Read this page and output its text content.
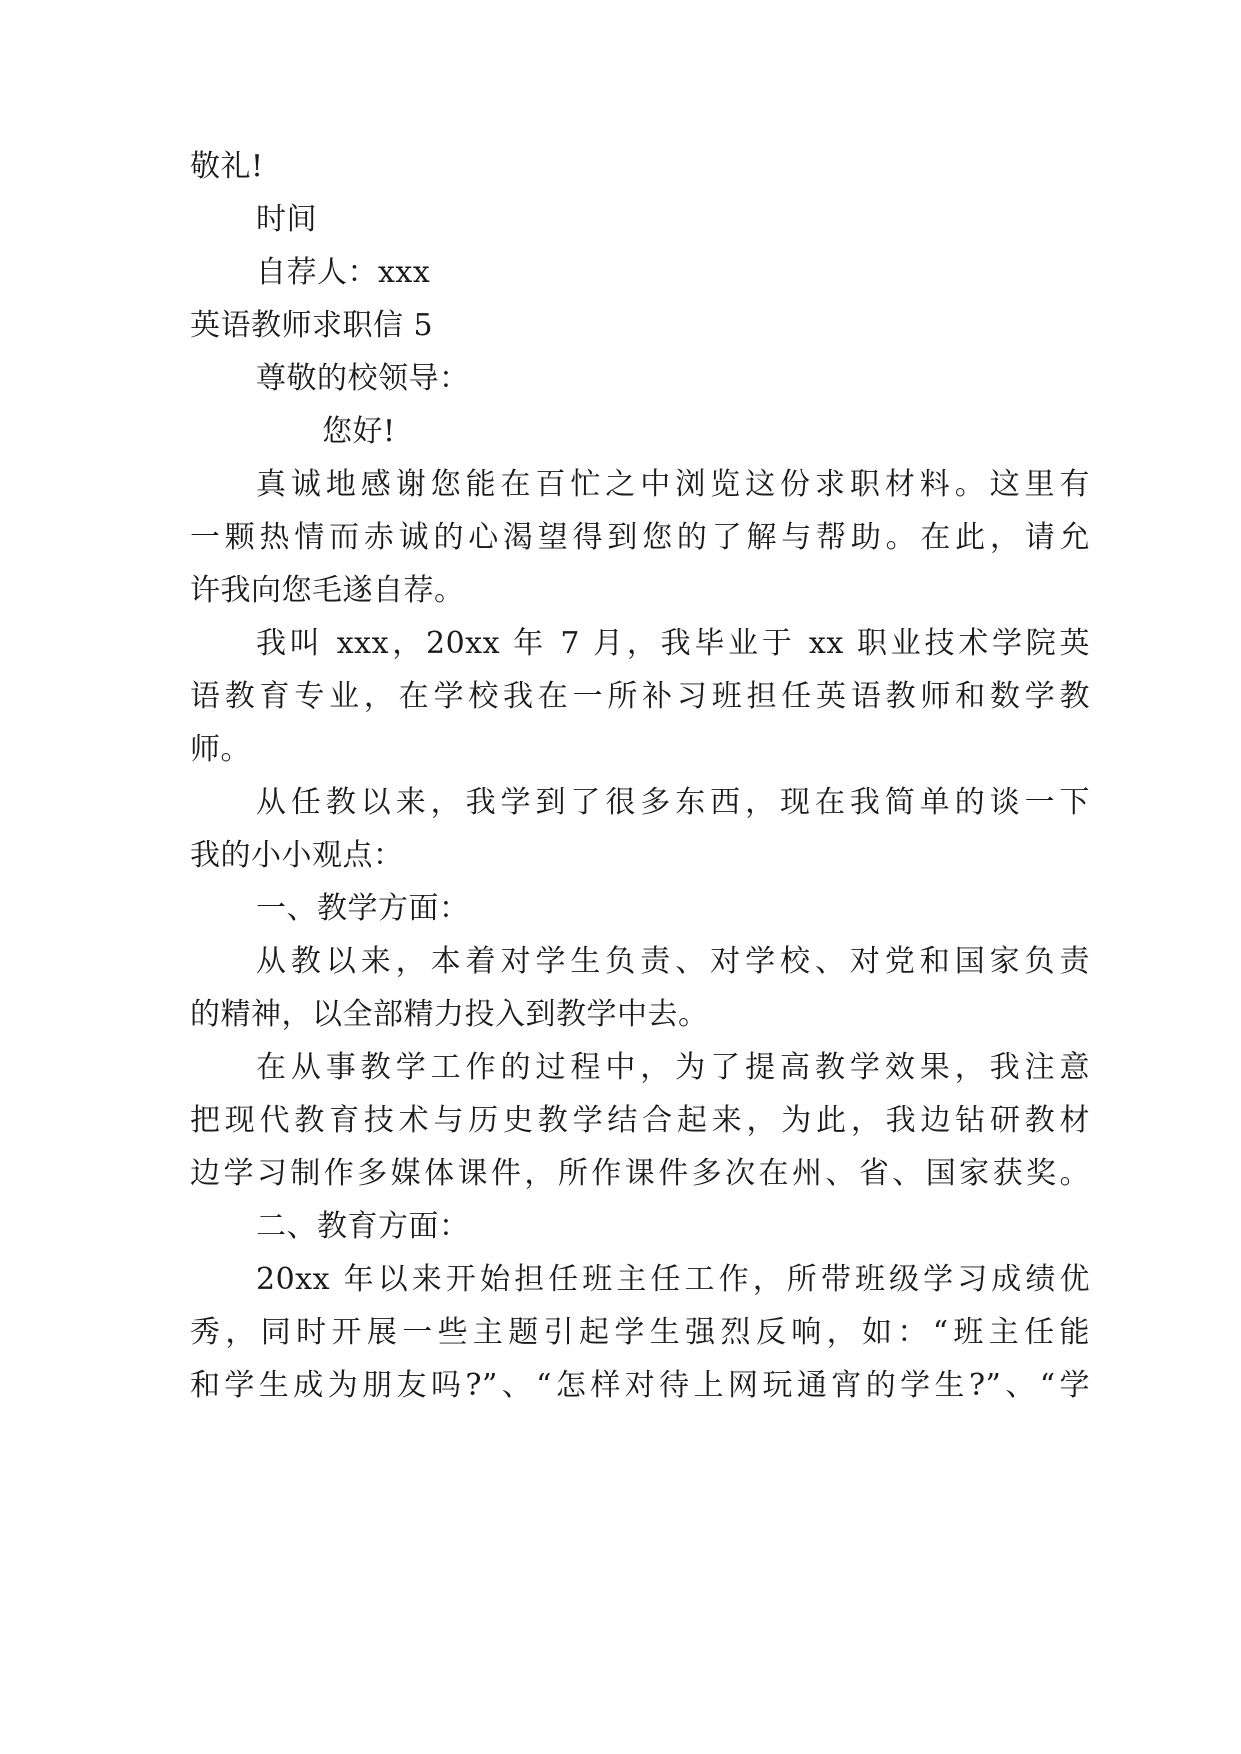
敬礼!
时间
自荐人：xxx
英语教师求职信 5
尊敬的校领导：
您好!
真诚地感谢您能在百忙之中浏览这份求职材料。这里有
一颗热情而赤诚的心渴望得到您的了解与帮助。在此，请允
许我向您毛遂自荐。
我叫 xxx，20xx 年 7 月，我毕业于 xx 职业技术学院英
语教育专业，在学校我在一所补习班担任英语教师和数学教
师。
从任教以来，我学到了很多东西，现在我简单的谈一下
我的小小观点：
一、教学方面：
从教以来，本着对学生负责、对学校、对党和国家负责
的精神，以全部精力投入到教学中去。
在从事教学工作的过程中，为了提高教学效果，我注意
把现代教育技术与历史教学结合起来，为此，我边钻研教材
边学习制作多媒体课件，所作课件多次在州、省、国家获奖。
二、教育方面：
20xx 年以来开始担任班主任工作，所带班级学习成绩优
秀，同时开展一些主题引起学生强烈反响，如：“班主任能
和学生成为朋友吗?”、“怎样对待上网玩通宵的学生?”、“学
